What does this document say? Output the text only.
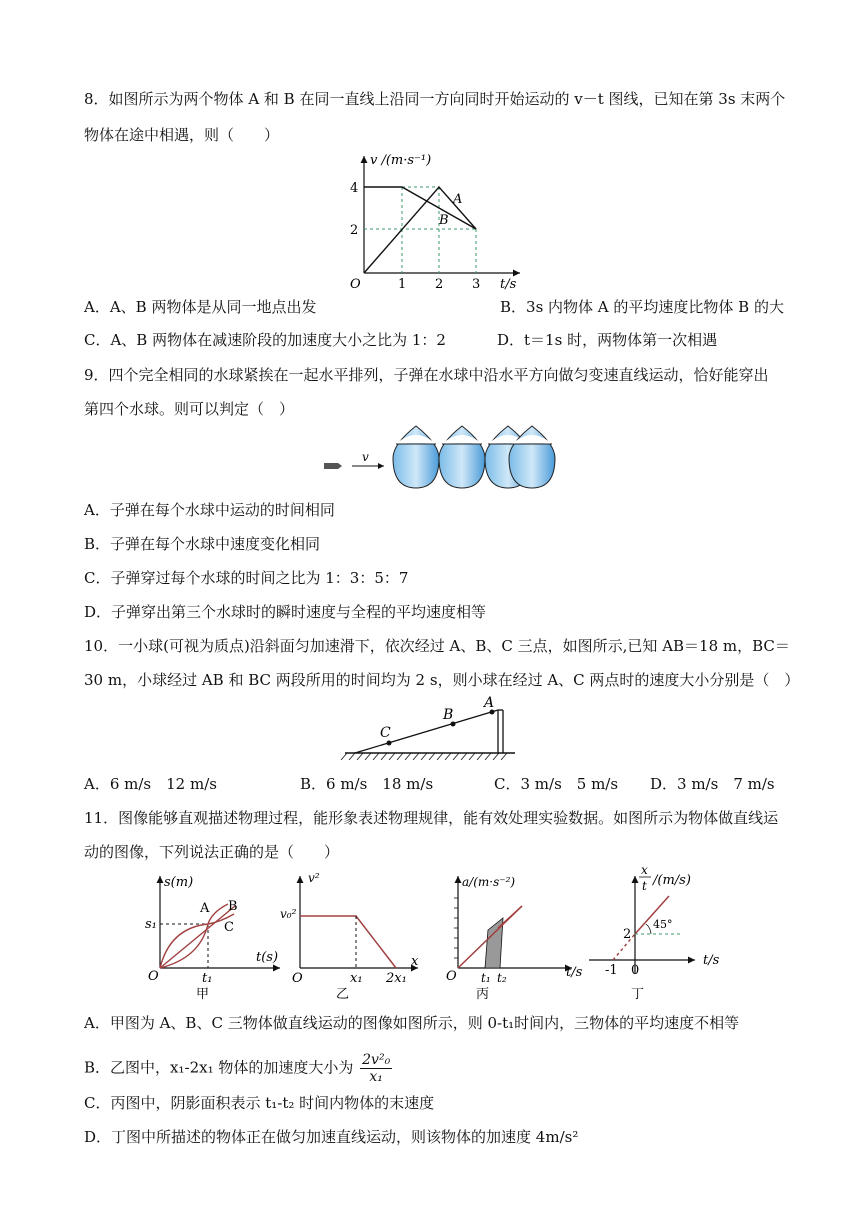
8．如图所示为两个物体 A 和 B 在同一直线上沿同一方向同时开始运动的 v－t 图线，已知在第 3s 末两个
物体在途中相遇，则（　　）
v /(m·s⁻¹)
t/s
O	1 2 3
2
4
A
B
A．A、B 两物体是从同一地点出发	B．3s 内物体 A 的平均速度比物体 B 的大
C．A、B 两物体在减速阶段的加速度大小之比为 1：2	D．t＝1s 时，两物体第一次相遇
9．四个完全相同的水球紧挨在一起水平排列，子弹在水球中沿水平方向做匀变速直线运动，恰好能穿出
第四个水球。则可以判定（　）
v
A．子弹在每个水球中运动的时间相同
B．子弹在每个水球中速度变化相同
C．子弹穿过每个水球的时间之比为 1：3：5：7
D．子弹穿出第三个水球时的瞬时速度与全程的平均速度相等
10．一小球(可视为质点)沿斜面匀加速滑下，依次经过 A、B、C 三点，如图所示,已知 AB＝18 m，BC＝
30 m，小球经过 AB 和 BC 两段所用的时间均为 2 s，则小球在经过 A、C 两点时的速度大小分别是（　）
C
B
A
A．6 m/s　12 m/s	B．6 m/s　18 m/s	C．3 m/s　5 m/s D．3 m/s　7 m/s
11．图像能够直观描述物理过程，能形象表述物理规律，能有效处理实验数据。如图所示为物体做直线运
动的图像，下列说法正确的是（　　）
s(m)
t(s)
O
s₁
t₁
A B
C
甲
v²
v₀²
O	x₁ 2x₁
x
乙
a/(m·s⁻²)
O t₁ t₂	t/s
丙
x
t /(m/s)
45°
2
-1 0
t/s
丁
A．甲图为 A、B、C 三物体做直线运动的图像如图所示，则 0-t₁时间内，三物体的平均速度不相等
B．乙图中，x₁-2x₁ 物体的加速度大小为 $\frac{\text{2v²₀}}{\text{x₁}}$
C．丙图中，阴影面积表示 t₁-t₂ 时间内物体的末速度
D．丁图中所描述的物体正在做匀加速直线运动，则该物体的加速度 4m/s²
